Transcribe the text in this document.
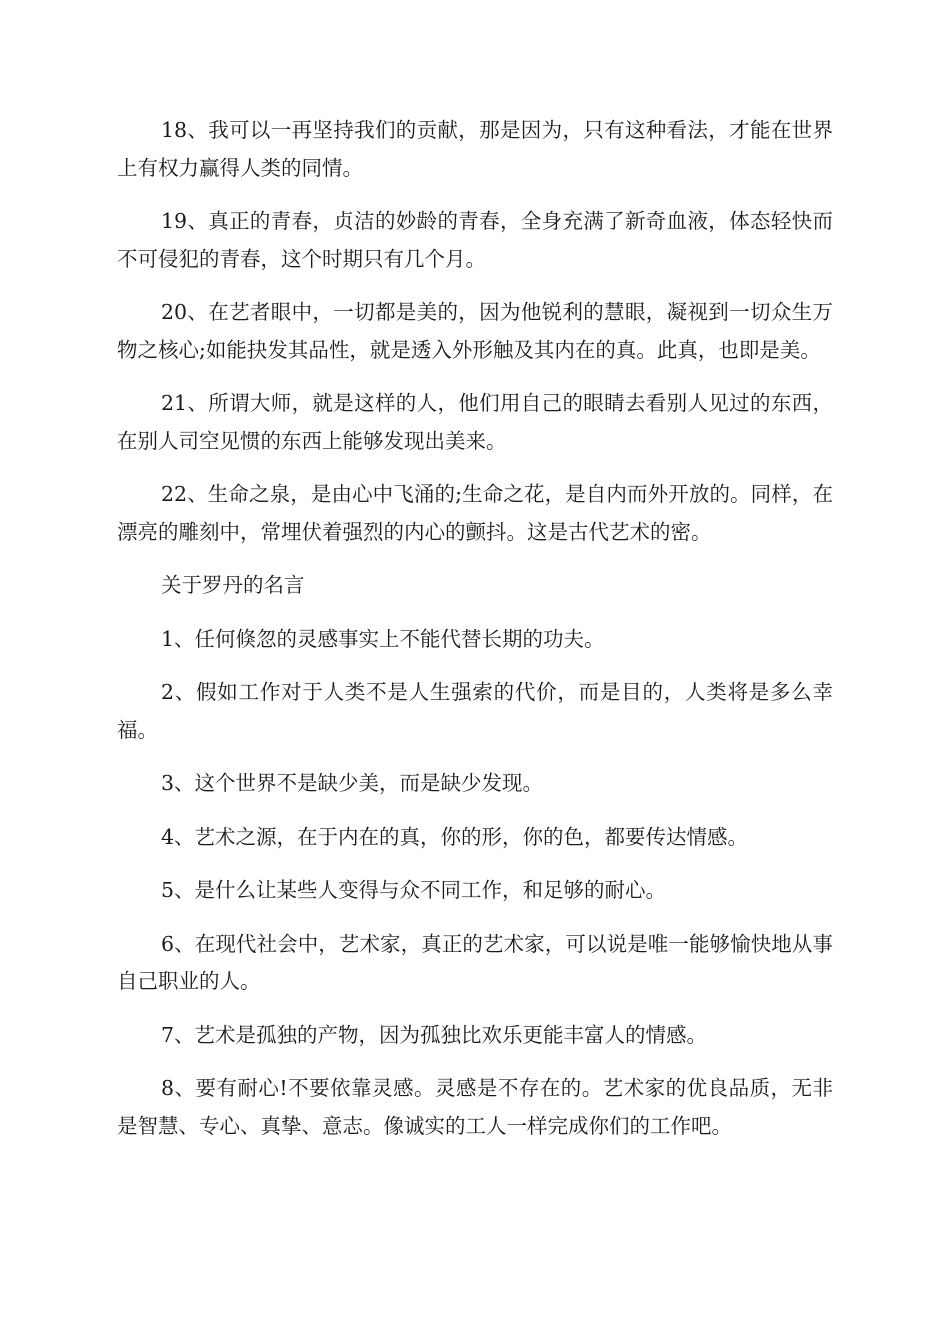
18、我可以一再坚持我们的贡献，那是因为，只有这种看法，才能在世界上有权力赢得人类的同情。

19、真正的青春，贞洁的妙龄的青春，全身充满了新奇血液，体态轻快而不可侵犯的青春，这个时期只有几个月。

20、在艺者眼中，一切都是美的，因为他锐利的慧眼，凝视到一切众生万物之核心;如能抉发其品性，就是透入外形触及其内在的真。此真，也即是美。

21、所谓大师，就是这样的人，他们用自己的眼睛去看别人见过的东西，在别人司空见惯的东西上能够发现出美来。

22、生命之泉，是由心中飞涌的;生命之花，是自内而外开放的。同样，在漂亮的雕刻中，常埋伏着强烈的内心的颤抖。这是古代艺术的密。

关于罗丹的名言

1、任何倏忽的灵感事实上不能代替长期的功夫。

2、假如工作对于人类不是人生强索的代价，而是目的，人类将是多么幸福。

3、这个世界不是缺少美，而是缺少发现。

4、艺术之源，在于内在的真，你的形，你的色，都要传达情感。

5、是什么让某些人变得与众不同工作，和足够的耐心。

6、在现代社会中，艺术家，真正的艺术家，可以说是唯一能够愉快地从事自己职业的人。

7、艺术是孤独的产物，因为孤独比欢乐更能丰富人的情感。

8、要有耐心!不要依靠灵感。灵感是不存在的。艺术家的优良品质，无非是智慧、专心、真挚、意志。像诚实的工人一样完成你们的工作吧。
